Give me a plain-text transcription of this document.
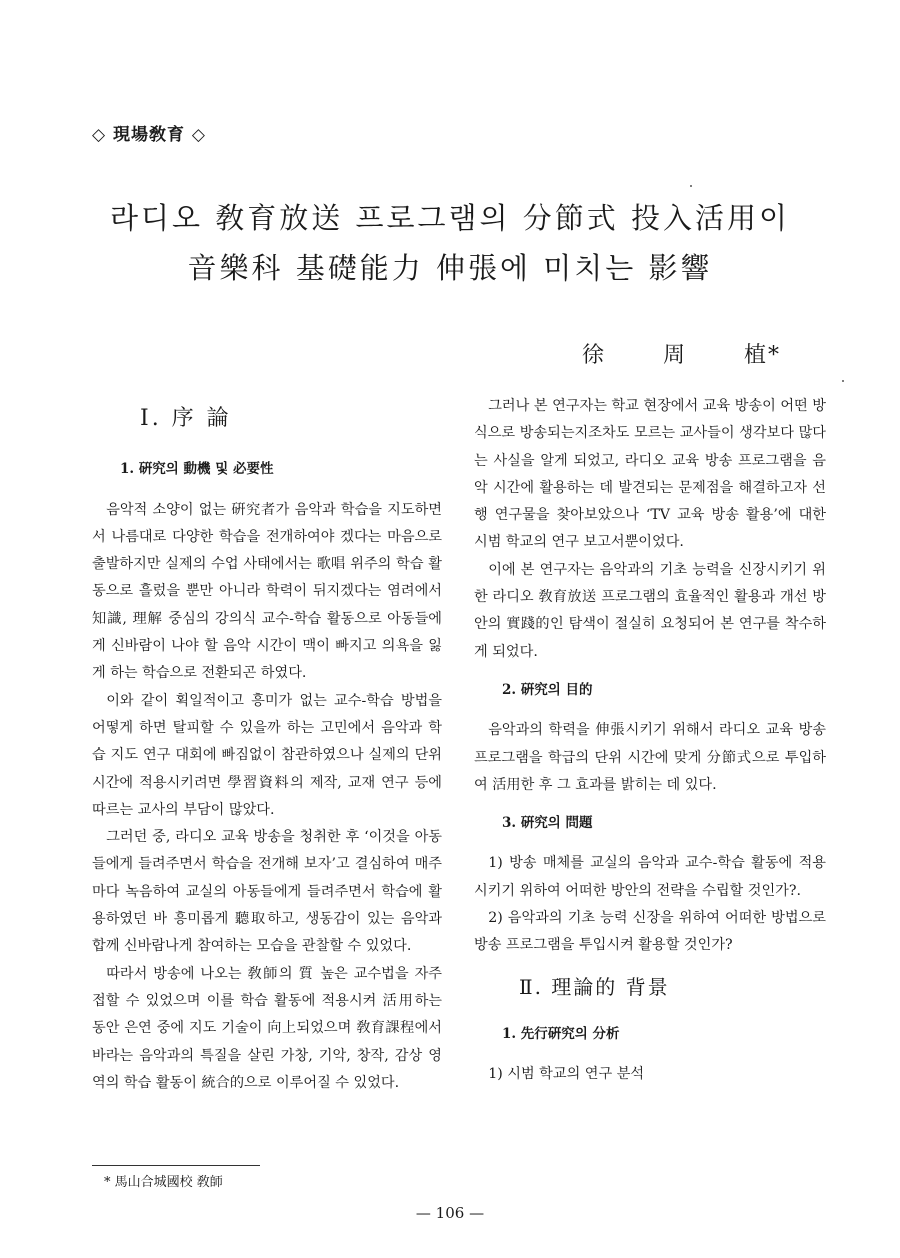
◇ 現場敎育 ◇
라디오 敎育放送 프로그램의 分節式 投入活用이
音樂科 基礎能力 伸張에 미치는 影響
徐 周 植*
Ⅰ. 序 論
1. 硏究의 動機 및 必要性

음악적 소양이 없는 硏究者가 음악과 학습을 지도하면서 나름대로 다양한 학습을 전개하여야 겠다는 마음으로 출발하지만 실제의 수업 사태에서는 歌唱 위주의 학습 활동으로 흘렀을 뿐만 아니라 학력이 뒤지겠다는 염려에서 知識, 理解 중심의 강의식 교수-학습 활동으로 아동들에게 신바람이 나야 할 음악 시간이 맥이 빠지고 의욕을 잃게 하는 학습으로 전환되곤 하였다.

이와 같이 획일적이고 흥미가 없는 교수-학습 방법을 어떻게 하면 탈피할 수 있을까 하는 고민에서 음악과 학습 지도 연구 대회에 빠짐없이 참관하였으나 실제의 단위 시간에 적용시키려면 學習資料의 제작, 교재 연구 등에 따르는 교사의 부담이 많았다.

그러던 중, 라디오 교육 방송을 청취한 후 ‘이것을 아동들에게 들려주면서 학습을 전개해 보자’고 결심하여 매주마다 녹음하여 교실의 아동들에게 들려주면서 학습에 활용하였던 바 흥미롭게 聽取하고, 생동감이 있는 음악과 합께 신바람나게 참여하는 모습을 관찰할 수 있었다.

따라서 방송에 나오는 敎師의 質 높은 교수법을 자주 접할 수 있었으며 이를 학습 활동에 적용시켜 活用하는 동안 은연 중에 지도 기술이 向上되었으며 敎育課程에서 바라는 음악과의 특질을 살린 가창, 기악, 창작, 감상 영역의 학습 활동이 統合的으로 이루어질 수 있었다.

그러나 본 연구자는 학교 현장에서 교육 방송이 어떤 방식으로 방송되는지조차도 모르는 교사들이 생각보다 많다는 사실을 알게 되었고, 라디오 교육 방송 프로그램을 음악 시간에 활용하는 데 발견되는 문제점을 해결하고자 선행 연구물을 찾아보았으나 ‘TV 교육 방송 활용’에 대한 시범 학교의 연구 보고서뿐이었다.

이에 본 연구자는 음악과의 기초 능력을 신장시키기 위한 라디오 敎育放送 프로그램의 효율적인 활용과 개선 방안의 實踐的인 탐색이 절실히 요청되어 본 연구를 착수하게 되었다.

2. 硏究의 目的

음악과의 학력을 伸張시키기 위해서 라디오 교육 방송 프로그램을 학급의 단위 시간에 맞게 分節式으로 투입하여 活用한 후 그 효과를 밝히는 데 있다.

3. 硏究의 問題

1) 방송 매체를 교실의 음악과 교수-학습 활동에 적용시키기 위하여 어떠한 방안의 전략을 수립할 것인가?.

2) 음악과의 기초 능력 신장을 위하여 어떠한 방법으로 방송 프로그램을 투입시켜 활용할 것인가?

Ⅱ. 理論的 背景
1. 先行硏究의 分析

1) 시범 학교의 연구 분석

* 馬山合城國校 敎師
— 106 —
